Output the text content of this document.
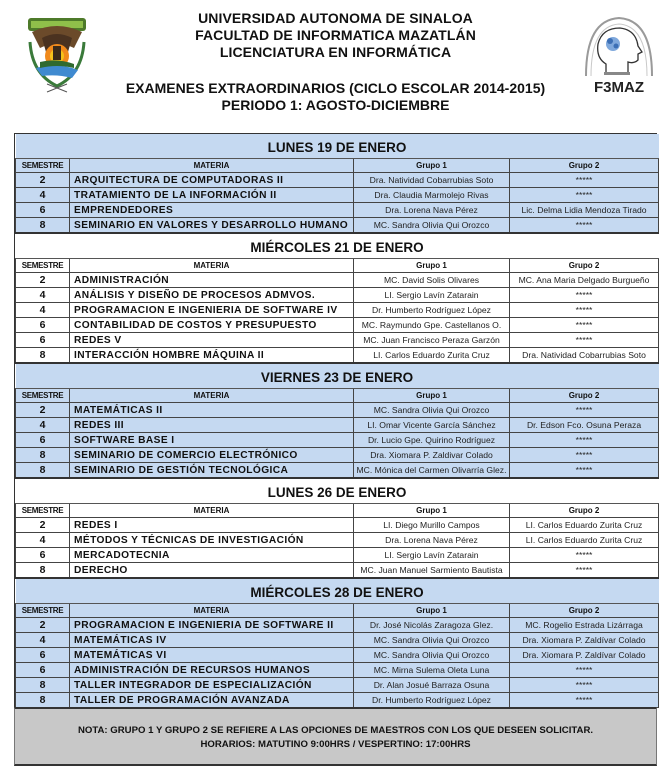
UNIVERSIDAD AUTONOMA DE SINALOA
FACULTAD DE INFORMATICA MAZATLÁN
LICENCIATURA EN INFORMÁTICA
EXAMENES EXTRAORDINARIOS (CICLO ESCOLAR 2014-2015)
PERIODO 1: AGOSTO-DICIEMBRE
F3MAZ
LUNES 19 DE ENERO			
SEMESTRE	MATERIA	Grupo 1	Grupo 2
2	ARQUITECTURA DE COMPUTADORAS II	Dra. Natividad Cobarrubias Soto	*****
4	TRATAMIENTO DE LA INFORMACIÓN II	Dra. Claudia Marmolejo Rivas	*****
6	EMPRENDEDORES	Dra. Lorena Nava Pérez	Lic. Delma Lidia Mendoza Tirado
8	SEMINARIO EN VALORES Y DESARROLLO HUMANO	MC. Sandra Olivia Qui Orozco	*****
MIÉRCOLES 21 DE ENERO			
SEMESTRE	MATERIA	Grupo 1	Grupo 2
2	ADMINISTRACIÓN	MC. David Solis Olivares	MC. Ana Maria Delgado Burgueño
4	ANÁLISIS Y DISEÑO DE PROCESOS ADMVOS.	LI. Sergio Lavín Zatarain	*****
4	PROGRAMACION E INGENIERIA DE SOFTWARE IV	Dr. Humberto Rodríguez López	*****
6	CONTABILIDAD DE COSTOS Y PRESUPUESTO	MC. Raymundo Gpe. Castellanos O.	*****
6	REDES V	MC. Juan Francisco Peraza Garzón	*****
8	INTERACCIÓN HOMBRE MÁQUINA II	LI. Carlos Eduardo Zurita Cruz	Dra. Natividad Cobarrubias Soto
VIERNES 23 DE ENERO			
SEMESTRE	MATERIA	Grupo 1	Grupo 2
2	MATEMÁTICAS II	MC. Sandra Olivia Qui Orozco	*****
4	REDES III	LI. Omar Vicente García Sánchez	Dr. Edson Fco. Osuna Peraza
6	SOFTWARE BASE I	Dr. Lucio Gpe. Quirino Rodríguez	*****
8	SEMINARIO DE COMERCIO ELECTRÓNICO	Dra. Xiomara P. Zaldivar Colado	*****
8	SEMINARIO DE GESTIÓN TECNOLÓGICA	MC. Mónica del Carmen Olivarría Glez.	*****
LUNES 26 DE ENERO			
SEMESTRE	MATERIA	Grupo 1	Grupo 2
2	REDES I	LI. Diego Murillo Campos	LI. Carlos Eduardo Zurita Cruz
4	MÉTODOS Y TÉCNICAS DE INVESTIGACIÓN	Dra. Lorena Nava Pérez	LI. Carlos Eduardo Zurita Cruz
6	MERCADOTECNIA	LI. Sergio Lavín Zatarain	*****
8	DERECHO	MC. Juan Manuel Sarmiento Bautista	*****
MIÉRCOLES 28 DE ENERO			
SEMESTRE	MATERIA	Grupo 1	Grupo 2
2	PROGRAMACION E INGENIERIA DE SOFTWARE II	Dr. José Nicolás Zaragoza Glez.	MC. Rogelio Estrada Lizárraga
4	MATEMÁTICAS IV	MC. Sandra Olivia Qui Orozco	Dra. Xiomara P. Zaldívar Colado
6	MATEMÁTICAS VI	MC. Sandra Olivia Qui Orozco	Dra. Xiomara P. Zaldívar Colado
6	ADMINISTRACIÓN DE RECURSOS HUMANOS	MC. Mirna Sulema Oleta Luna	*****
8	TALLER INTEGRADOR DE ESPECIALIZACIÓN	Dr. Alan Josué Barraza Osuna	*****
8	TALLER DE PROGRAMACIÓN AVANZADA	Dr. Humberto Rodríguez López	*****
NOTA: GRUPO 1 Y GRUPO 2 SE REFIERE A LAS OPCIONES DE MAESTROS CON LOS QUE DESEEN SOLICITAR.
HORARIOS: MATUTINO 9:00HRS / VESPERTINO: 17:00HRS
